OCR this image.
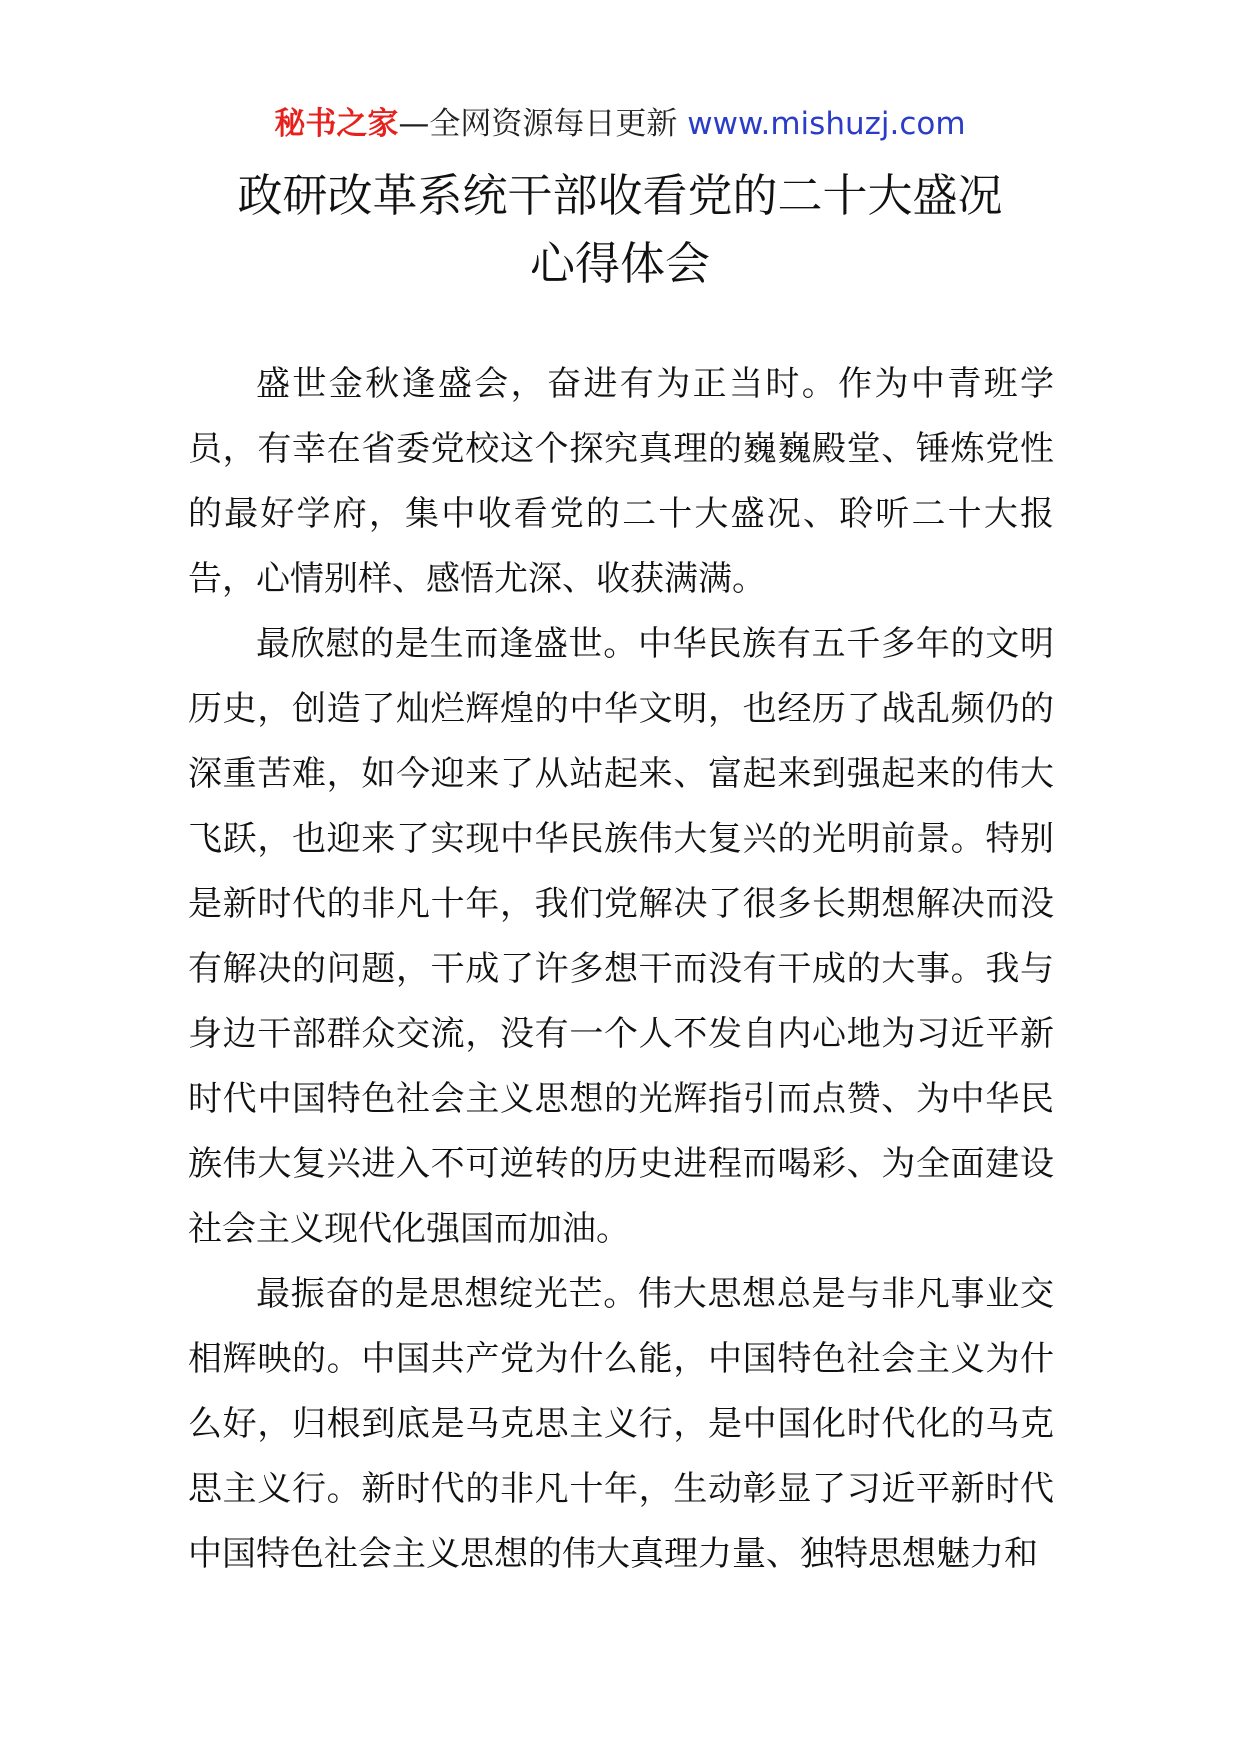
秘书之家—全网资源每日更新 www.mishuzj.com
政研改革系统干部收看党的二十大盛况
心得体会

盛世金秋逢盛会，奋进有为正当时。作为中青班学员，有幸在省委党校这个探究真理的巍巍殿堂、锤炼党性的最好学府，集中收看党的二十大盛况、聆听二十大报告，心情别样、感悟尤深、收获满满。

最欣慰的是生而逢盛世。中华民族有五千多年的文明历史，创造了灿烂辉煌的中华文明，也经历了战乱频仍的深重苦难，如今迎来了从站起来、富起来到强起来的伟大飞跃，也迎来了实现中华民族伟大复兴的光明前景。特别是新时代的非凡十年，我们党解决了很多长期想解决而没有解决的问题，干成了许多想干而没有干成的大事。我与身边干部群众交流，没有一个人不发自内心地为习近平新时代中国特色社会主义思想的光辉指引而点赞、为中华民族伟大复兴进入不可逆转的历史进程而喝彩、为全面建设社会主义现代化强国而加油。

最振奋的是思想绽光芒。伟大思想总是与非凡事业交相辉映的。中国共产党为什么能，中国特色社会主义为什么好，归根到底是马克思主义行，是中国化时代化的马克思主义行。新时代的非凡十年，生动彰显了习近平新时代中国特色社会主义思想的伟大真理力量、独特思想魅力和
